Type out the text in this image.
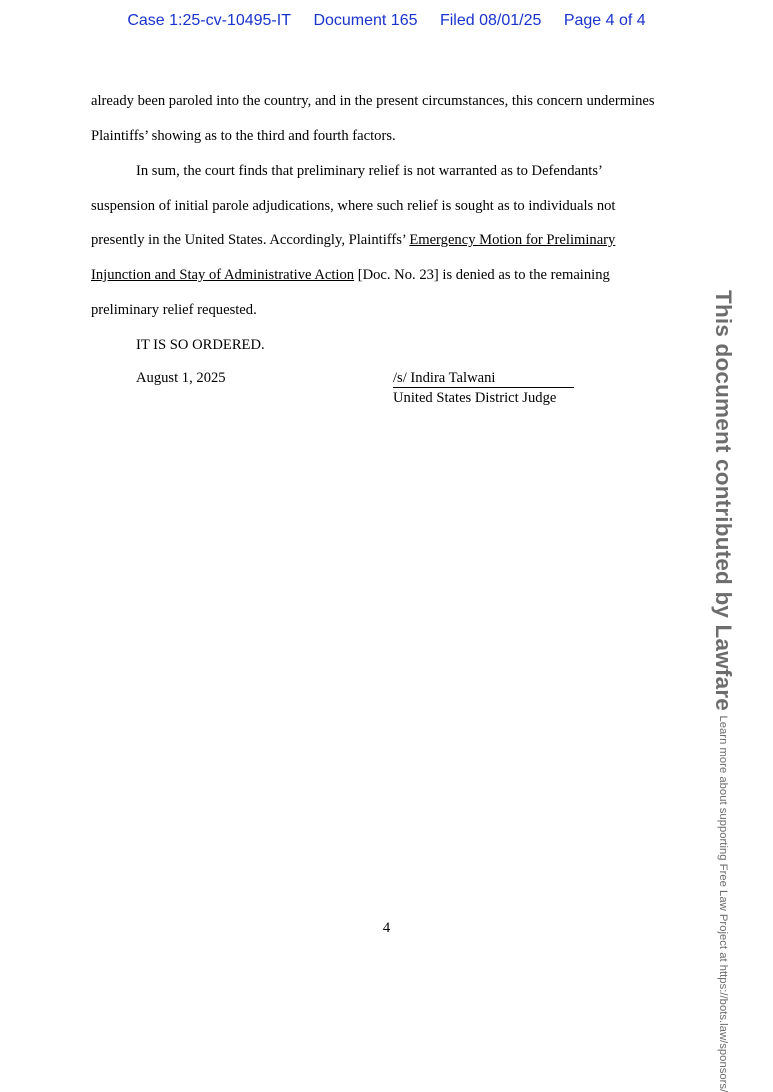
Case 1:25-cv-10495-IT Document 165 Filed 08/01/25 Page 4 of 4
already been paroled into the country, and in the present circumstances, this concern undermines
Plaintiffs’ showing as to the third and fourth factors.
In sum, the court finds that preliminary relief is not warranted as to Defendants’
suspension of initial parole adjudications, where such relief is sought as to individuals not
presently in the United States. Accordingly, Plaintiffs’ Emergency Motion for Preliminary
Injunction and Stay of Administrative Action [Doc. No. 23] is denied as to the remaining
preliminary relief requested.
IT IS SO ORDERED.
August 1, 2025	/s/ Indira Talwani
United States District Judge
4
This document contributed by Lawfare Learn more about supporting Free Law Project at https://bots.law/sponsors/
